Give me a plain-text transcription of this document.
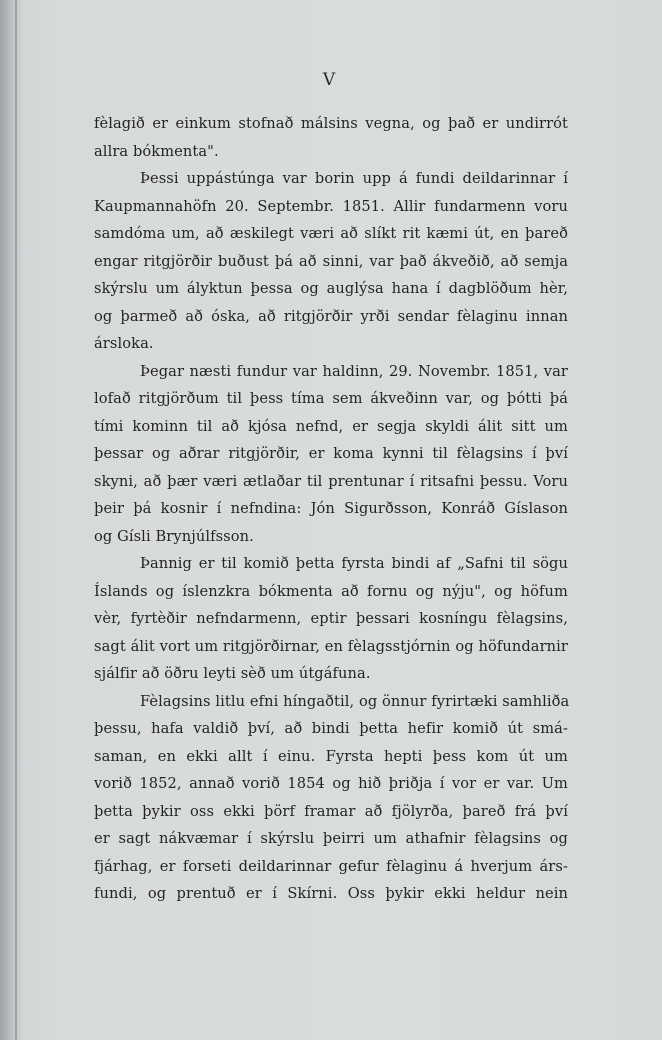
V
fèlagið er einkum stofnað málsins vegna, og það er undirrót
allra bókmenta".
Þessi uppástúnga var borin upp á fundi deildarinnar í
Kaupmannahöfn 20. Septembr. 1851. Allir fundarmenn voru
samdóma um, að æskilegt væri að slíkt rit kæmi út, en þareð
engar ritgjörðir buðust þá að sinni, var það ákveðið, að semja
skýrslu um ályktun þessa og auglýsa hana í dagblöðum hèr,
og þarmeð að óska, að ritgjörðir yrði sendar fèlaginu innan
ársloka.
Þegar næsti fundur var haldinn, 29. Novembr. 1851, var
lofað ritgjörðum til þess tíma sem ákveðinn var, og þótti þá
tími kominn til að kjósa nefnd, er segja skyldi álit sitt um
þessar og aðrar ritgjörðir, er koma kynni til fèlagsins í því
skyni, að þær væri ætlaðar til prentunar í ritsafni þessu. Voru
þeir þá kosnir í nefndina: Jón Sigurðsson, Konráð Gíslason
og Gísli Brynjúlfsson.
Þannig er til komið þetta fyrsta bindi af „Safni til sögu
Íslands og íslenzkra bókmenta að fornu og nýju", og höfum
vèr, fyrtèðir nefndarmenn, eptir þessari kosníngu fèlagsins,
sagt álit vort um ritgjörðirnar, en fèlagsstjórnin og höfundarnir
sjálfir að öðru leyti sèð um útgáfuna.
Fèlagsins litlu efni híngaðtil, og önnur fyrirtæki samhliða
þessu, hafa valdið því, að bindi þetta hefir komið út smá-
saman, en ekki allt í einu. Fyrsta hepti þess kom út um
vorið 1852, annað vorið 1854 og hið þriðja í vor er var. Um
þetta þykir oss ekki þörf framar að fjölyrða, þareð frá því
er sagt nákvæmar í skýrslu þeirri um athafnir fèlagsins og
fjárhag, er forseti deildarinnar gefur fèlaginu á hverjum árs-
fundi, og prentuð er í Skírni. Oss þykir ekki heldur nein
